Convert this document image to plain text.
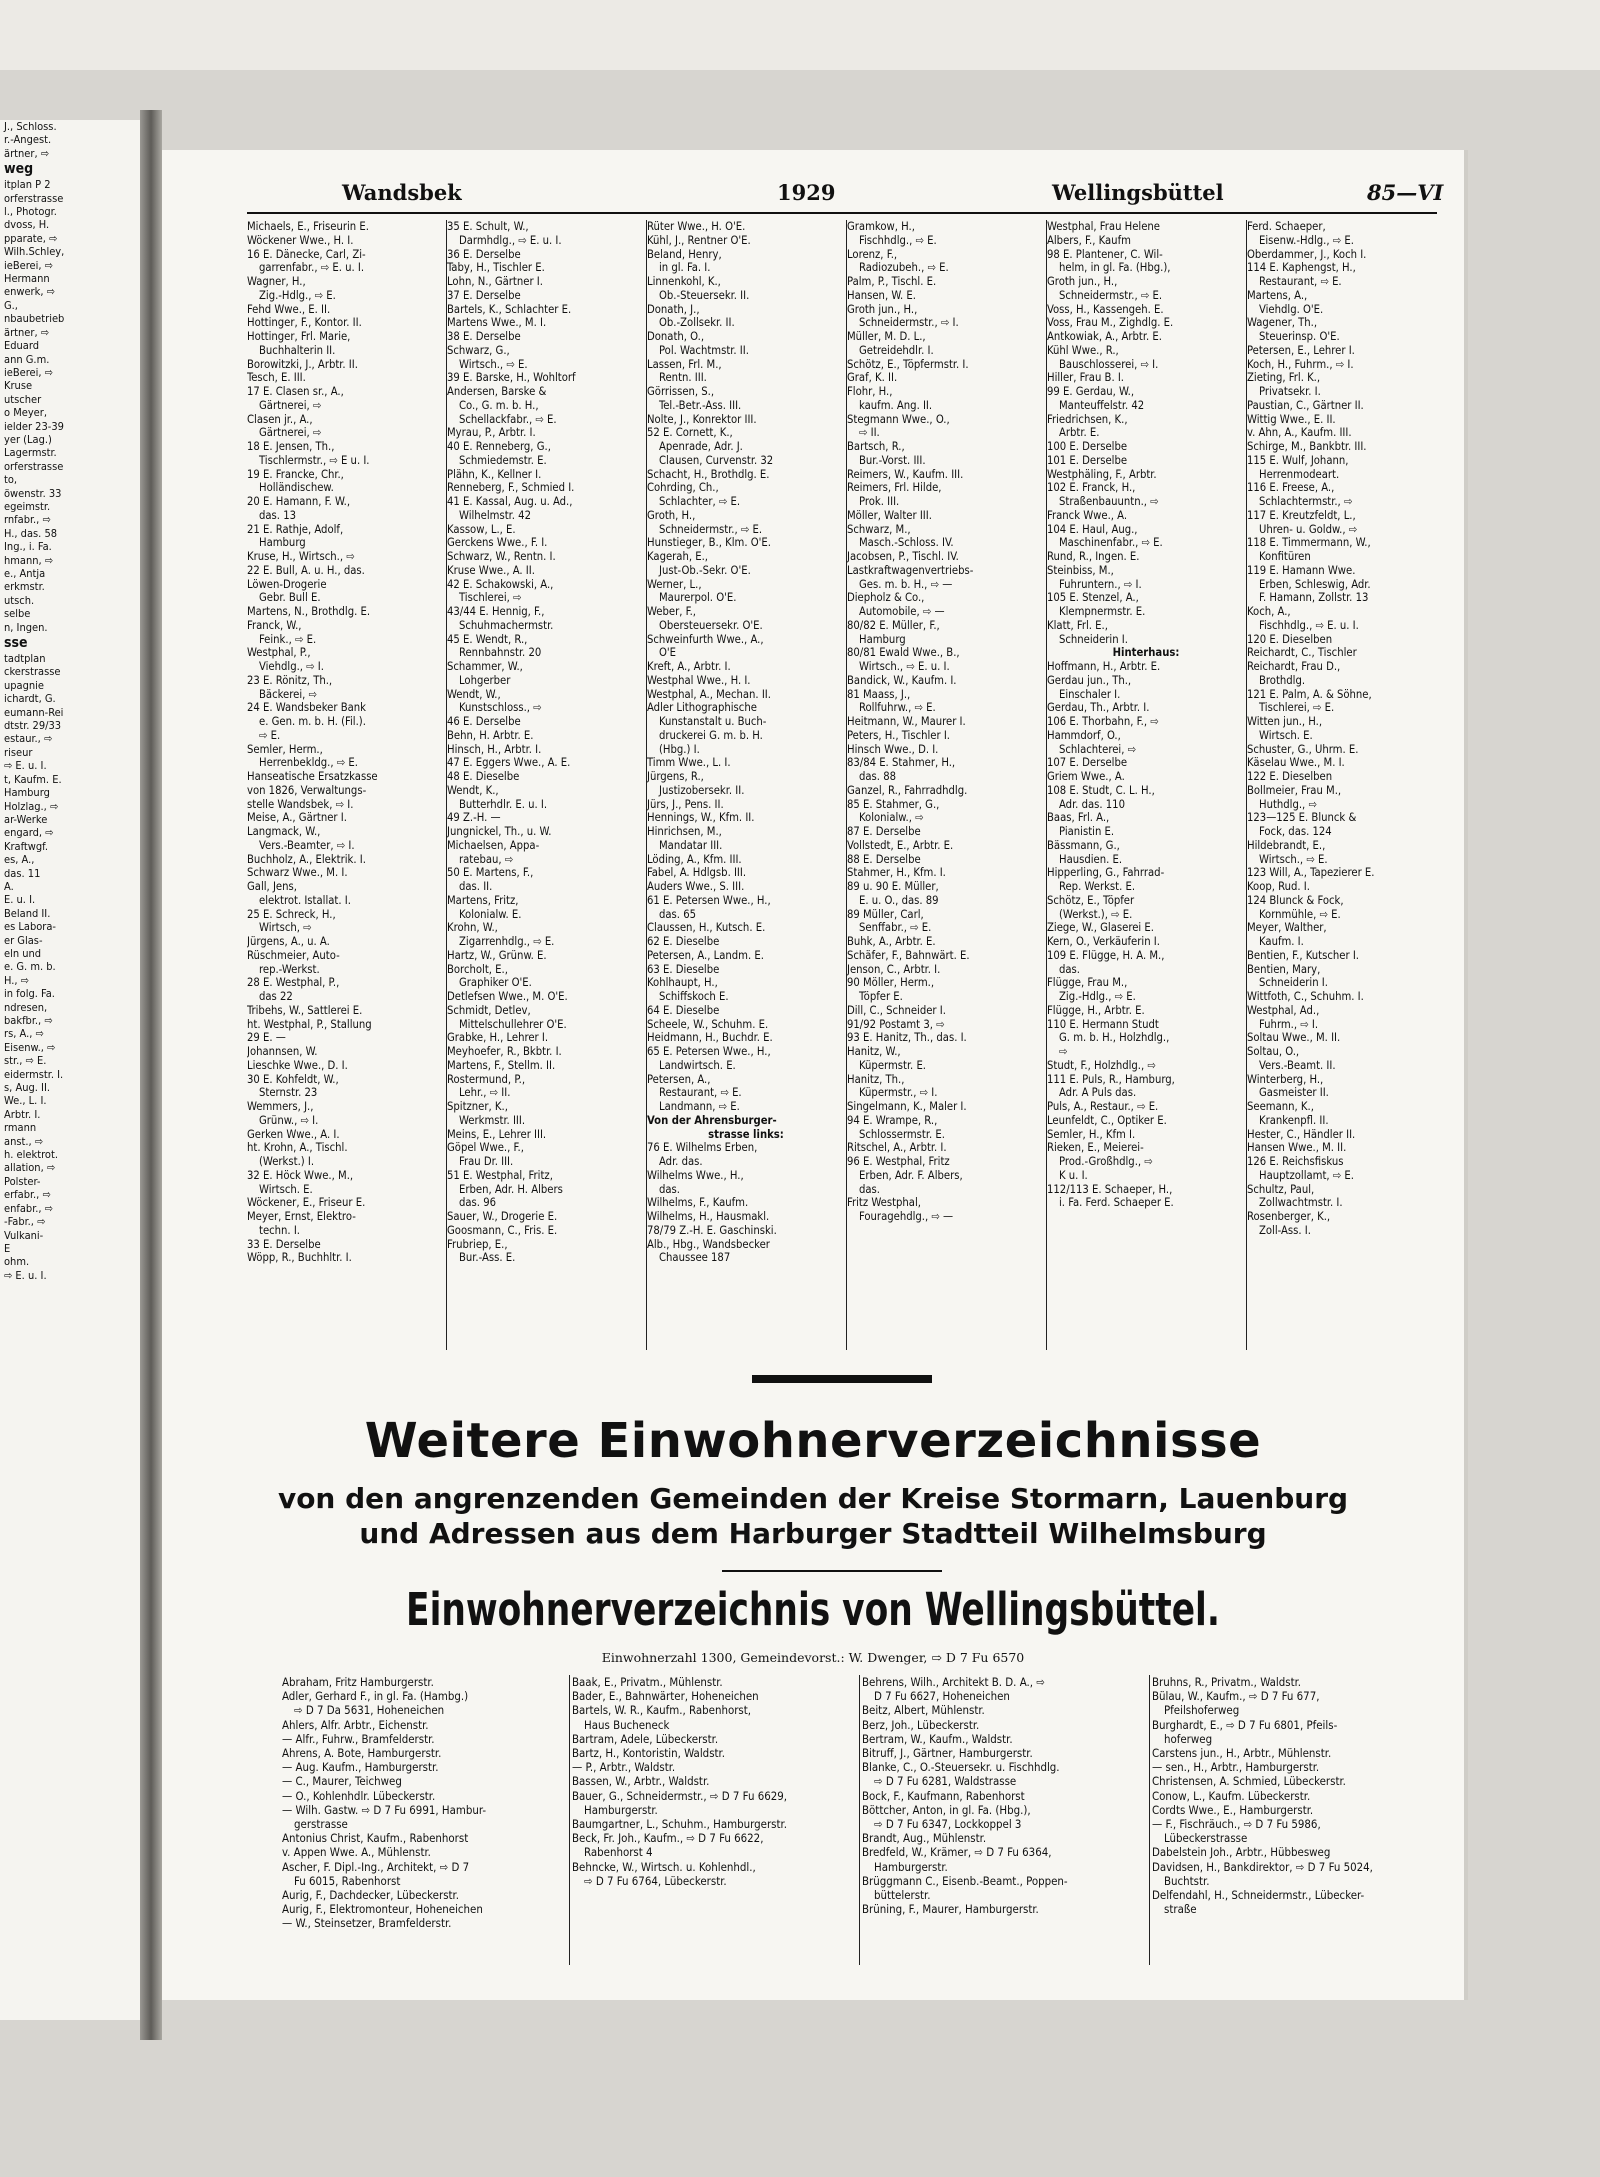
J., Schloss.
r.-Angest.
ärtner, ⇨
weg
itplan P 2
orferstrasse
l., Photogr.
dvoss, H.
pparate, ⇨
Wilh.Schley,
ieBerei, ⇨
Hermann
enwerk, ⇨
G.,
nbaubetrieb
ärtner, ⇨
Eduard
ann G.m.
ieBerei, ⇨
Kruse
utscher
o Meyer,
ielder 23-39
yer (Lag.)
Lagermstr.
orferstrasse
to,
öwenstr. 33
egeimstr.
rnfabr., ⇨
H., das. 58
Ing., i. Fa.
hmann, ⇨
e., Antja
erkmstr.
utsch.
selbe
n, Ingen.
sse
tadtplan
ckerstrasse
upagnie
ichardt, G.
eumann-Rei
dtstr. 29/33
estaur., ⇨
riseur
⇨ E. u. I.
t, Kaufm. E.
Hamburg
Holzlag., ⇨
ar-Werke
engard, ⇨
Kraftwgf.
es, A.,
das. 11
A.
E. u. I.
Beland II.
es Labora-
er Glas-
eln und
e. G. m. b.
H., ⇨
in folg. Fa.
ndresen,
bakfbr., ⇨
rs, A., ⇨
Eisenw., ⇨
str., ⇨ E.
eidermstr. I.
s, Aug. II.
We., L. I.
Arbtr. I.
rmann
anst., ⇨
h. elektrot.
allation, ⇨
Polster-
erfabr., ⇨
enfabr., ⇨
-Fabr., ⇨
Vulkani-
E
ohm.
⇨ E. u. I.
Wandsbek	1929	Wellingsbüttel	85—VI
Michaels, E., Friseurin E.
Wöckener Wwe., H. I.
16 E. Dänecke, Carl, Zi-
garrenfabr., ⇨ E. u. I.
Wagner, H.,
Zig.-Hdlg., ⇨ E.
Fehd Wwe., E. II.
Hottinger, F., Kontor. II.
Hottinger, Frl. Marie,
Buchhalterin II.
Borowitzki, J., Arbtr. II.
Tesch, E. III.
17 E. Clasen sr., A.,
Gärtnerei, ⇨
Clasen jr., A.,
Gärtnerei, ⇨
18 E. Jensen, Th.,
Tischlermstr., ⇨ E u. I.
19 E. Francke, Chr.,
Holländischew.
20 E. Hamann, F. W.,
das. 13
21 E. Rathje, Adolf,
Hamburg
Kruse, H., Wirtsch., ⇨
22 E. Bull, A. u. H., das.
Löwen-Drogerie
Gebr. Bull E.
Martens, N., Brothdlg. E.
Franck, W.,
Feink., ⇨ E.
Westphal, P.,
Viehdlg., ⇨ I.
23 E. Rönitz, Th.,
Bäckerei, ⇨
24 E. Wandsbeker Bank
e. Gen. m. b. H. (Fil.).
⇨ E.
Semler, Herm.,
Herrenbekldg., ⇨ E.
Hanseatische Ersatzkasse
von 1826, Verwaltungs-
stelle Wandsbek, ⇨ I.
Meise, A., Gärtner I.
Langmack, W.,
Vers.-Beamter, ⇨ I.
Buchholz, A., Elektrik. I.
Schwarz Wwe., M. I.
Gall, Jens,
elektrot. Istallat. I.
25 E. Schreck, H.,
Wirtsch, ⇨
Jürgens, A., u. A.
Rüschmeier, Auto-
rep.-Werkst.
28 E. Westphal, P.,
das 22
Tribehs, W., Sattlerei E.
ht. Westphal, P., Stallung
29 E. —
Johannsen, W.
Lieschke Wwe., D. I.
30 E. Kohfeldt, W.,
Sternstr. 23
Wemmers, J.,
Grünw., ⇨ I.
Gerken Wwe., A. I.
ht. Krohn, A., Tischl.
(Werkst.) I.
32 E. Höck Wwe., M.,
Wirtsch. E.
Wöckener, E., Friseur E.
Meyer, Ernst, Elektro-
techn. I.
33 E. Derselbe
Wöpp, R., Buchhltr. I.
35 E. Schult, W.,
Darmhdlg., ⇨ E. u. I.
36 E. Derselbe
Taby, H., Tischler E.
Lohn, N., Gärtner I.
37 E. Derselbe
Bartels, K., Schlachter E.
Martens Wwe., M. I.
38 E. Derselbe
Schwarz, G.,
Wirtsch., ⇨ E.
39 E. Barske, H., Wohltorf
Andersen, Barske &
Co., G. m. b. H.,
Schellackfabr., ⇨ E.
Myrau, P., Arbtr. I.
40 E. Renneberg, G.,
Schmiedemstr. E.
Plähn, K., Kellner I.
Renneberg, F., Schmied I.
41 E. Kassal, Aug. u. Ad.,
Wilhelmstr. 42
Kassow, L., E.
Gerckens Wwe., F. I.
Schwarz, W., Rentn. I.
Kruse Wwe., A. II.
42 E. Schakowski, A.,
Tischlerei, ⇨
43/44 E. Hennig, F.,
Schuhmachermstr.
45 E. Wendt, R.,
Rennbahnstr. 20
Schammer, W.,
Lohgerber
Wendt, W.,
Kunstschloss., ⇨
46 E. Derselbe
Behn, H. Arbtr. E.
Hinsch, H., Arbtr. I.
47 E. Eggers Wwe., A. E.
48 E. Dieselbe
Wendt, K.,
Butterhdlr. E. u. I.
49 Z.-H. —
Jungnickel, Th., u. W.
Michaelsen, Appa-
ratebau, ⇨
50 E. Martens, F.,
das. II.
Martens, Fritz,
Kolonialw. E.
Krohn, W.,
Zigarrenhdlg., ⇨ E.
Hartz, W., Grünw. E.
Borcholt, E.,
Graphiker O'E.
Detlefsen Wwe., M. O'E.
Schmidt, Detlev,
Mittelschullehrer O'E.
Grabke, H., Lehrer I.
Meyhoefer, R., Bkbtr. I.
Martens, F., Stellm. II.
Rostermund, P.,
Lehr., ⇨ II.
Spitzner, K.,
Werkmstr. III.
Meins, E., Lehrer III.
Göpel Wwe., F.,
Frau Dr. III.
51 E. Westphal, Fritz,
Erben, Adr. H. Albers
das. 96
Sauer, W., Drogerie E.
Goosmann, C., Fris. E.
Frubriep, E.,
Bur.-Ass. E.
Rüter Wwe., H. O'E.
Kühl, J., Rentner O'E.
Beland, Henry,
in gl. Fa. I.
Linnenkohl, K.,
Ob.-Steuersekr. II.
Donath, J.,
Ob.-Zollsekr. II.
Donath, O.,
Pol. Wachtmstr. II.
Lassen, Frl. M.,
Rentn. III.
Görrissen, S.,
Tel.-Betr.-Ass. III.
Nolte, J., Konrektor III.
52 E. Cornett, K.,
Apenrade, Adr. J.
Clausen, Curvenstr. 32
Schacht, H., Brothdlg. E.
Cohrding, Ch.,
Schlachter, ⇨ E.
Groth, H.,
Schneidermstr., ⇨ E.
Hunstieger, B., Klm. O'E.
Kagerah, E.,
Just-Ob.-Sekr. O'E.
Werner, L.,
Maurerpol. O'E.
Weber, F.,
Obersteuersekr. O'E.
Schweinfurth Wwe., A.,
O'E
Kreft, A., Arbtr. I.
Westphal Wwe., H. I.
Westphal, A., Mechan. II.
Adler Lithographische
Kunstanstalt u. Buch-
druckerei G. m. b. H.
(Hbg.) I.
Timm Wwe., L. I.
Jürgens, R.,
Justizobersekr. II.
Jürs, J., Pens. II.
Hennings, W., Kfm. II.
Hinrichsen, M.,
Mandatar III.
Löding, A., Kfm. III.
Fabel, A. Hdlgsb. III.
Auders Wwe., S. III.
61 E. Petersen Wwe., H.,
das. 65
Claussen, H., Kutsch. E.
62 E. Dieselbe
Petersen, A., Landm. E.
63 E. Dieselbe
Kohlhaupt, H.,
Schiffskoch E.
64 E. Dieselbe
Scheele, W., Schuhm. E.
Heidmann, H., Buchdr. E.
65 E. Petersen Wwe., H.,
Landwirtsch. E.
Petersen, A.,
Restaurant, ⇨ E.
Landmann, ⇨ E.
Von der Ahrensburger-
strasse links:
76 E. Wilhelms Erben,
Adr. das.
Wilhelms Wwe., H.,
das.
Wilhelms, F., Kaufm.
Wilhelms, H., Hausmakl.
78/79 Z.-H. E. Gaschinski.
Alb., Hbg., Wandsbecker
Chaussee 187
Gramkow, H.,
Fischhdlg., ⇨ E.
Lorenz, F.,
Radiozubeh., ⇨ E.
Palm, P., Tischl. E.
Hansen, W. E.
Groth jun., H.,
Schneidermstr., ⇨ I.
Müller, M. D. L.,
Getreidehdlr. I.
Schötz, E., Töpfermstr. I.
Graf, K. II.
Flohr, H.,
kaufm. Ang. II.
Stegmann Wwe., O.,
⇨ II.
Bartsch, R.,
Bur.-Vorst. III.
Reimers, W., Kaufm. III.
Reimers, Frl. Hilde,
Prok. III.
Möller, Walter III.
Schwarz, M.,
Masch.-Schloss. IV.
Jacobsen, P., Tischl. IV.
Lastkraftwagenvertriebs-
Ges. m. b. H., ⇨ —
Diepholz & Co.,
Automobile, ⇨ —
80/82 E. Müller, F.,
Hamburg
80/81 Ewald Wwe., B.,
Wirtsch., ⇨ E. u. I.
Bandick, W., Kaufm. I.
81 Maass, J.,
Rollfuhrw., ⇨ E.
Heitmann, W., Maurer I.
Peters, H., Tischler I.
Hinsch Wwe., D. I.
83/84 E. Stahmer, H.,
das. 88
Ganzel, R., Fahrradhdlg.
85 E. Stahmer, G.,
Kolonialw., ⇨
87 E. Derselbe
Vollstedt, E., Arbtr. E.
88 E. Derselbe
Stahmer, H., Kfm. I.
89 u. 90 E. Müller,
E. u. O., das. 89
89 Müller, Carl,
Senffabr., ⇨ E.
Buhk, A., Arbtr. E.
Schäfer, F., Bahnwärt. E.
Jenson, C., Arbtr. I.
90 Möller, Herm.,
Töpfer E.
Dill, C., Schneider I.
91/92 Postamt 3, ⇨
93 E. Hanitz, Th., das. I.
Hanitz, W.,
Küpermstr. E.
Hanitz, Th.,
Küpermstr., ⇨ I.
Singelmann, K., Maler I.
94 E. Wrampe, R.,
Schlossermstr. E.
Ritschel, A., Arbtr. I.
96 E. Westphal, Fritz
Erben, Adr. F. Albers,
das.
Fritz Westphal,
Fouragehdlg., ⇨ —
Westphal, Frau Helene
Albers, F., Kaufm
98 E. Plantener, C. Wil-
helm, in gl. Fa. (Hbg.),
Groth jun., H.,
Schneidermstr., ⇨ E.
Voss, H., Kassengeh. E.
Voss, Frau M., Zighdlg. E.
Antkowiak, A., Arbtr. E.
Kühl Wwe., R.,
Bauschlosserei, ⇨ I.
Hiller, Frau B. I.
99 E. Gerdau, W.,
Manteuffelstr. 42
Friedrichsen, K.,
Arbtr. E.
100 E. Derselbe
101 E. Derselbe
Westphäling, F., Arbtr.
102 E. Franck, H.,
Straßenbauuntn., ⇨
Franck Wwe., A.
104 E. Haul, Aug.,
Maschinenfabr., ⇨ E.
Rund, R., Ingen. E.
Steinbiss, M.,
Fuhruntern., ⇨ I.
105 E. Stenzel, A.,
Klempnermstr. E.
Klatt, Frl. E.,
Schneiderin I.
Hinterhaus:
Hoffmann, H., Arbtr. E.
Gerdau jun., Th.,
Einschaler I.
Gerdau, Th., Arbtr. I.
106 E. Thorbahn, F., ⇨
Hammdorf, O.,
Schlachterei, ⇨
107 E. Derselbe
Griem Wwe., A.
108 E. Studt, C. L. H.,
Adr. das. 110
Baas, Frl. A.,
Pianistin E.
Bässmann, G.,
Hausdien. E.
Hipperling, G., Fahrrad-
Rep. Werkst. E.
Schötz, E., Töpfer
(Werkst.), ⇨ E.
Ziege, W., Glaserei E.
Kern, O., Verkäuferin I.
109 E. Flügge, H. A. M.,
das.
Flügge, Frau M.,
Zig.-Hdlg., ⇨ E.
Flügge, H., Arbtr. E.
110 E. Hermann Studt
G. m. b. H., Holzhdlg.,
⇨
Studt, F., Holzhdlg., ⇨
111 E. Puls, R., Hamburg,
Adr. A Puls das.
Puls, A., Restaur., ⇨ E.
Leunfeldt, C., Optiker E.
Semler, H., Kfm I.
Rieken, E., Meierei-
Prod.-Großhdlg., ⇨
K u. I.
112/113 E. Schaeper, H.,
i. Fa. Ferd. Schaeper E.
Ferd. Schaeper,
Eisenw.-Hdlg., ⇨ E.
Oberdammer, J., Koch I.
114 E. Kaphengst, H.,
Restaurant, ⇨ E.
Martens, A.,
Viehdlg. O'E.
Wagener, Th.,
Steuerinsp. O'E.
Petersen, E., Lehrer I.
Koch, H., Fuhrm., ⇨ I.
Zieting, Frl. K.,
Privatsekr. I.
Paustian, C., Gärtner II.
Wittig Wwe., E. II.
v. Ahn, A., Kaufm. III.
Schirge, M., Bankbtr. III.
115 E. Wulf, Johann,
Herrenmodeart.
116 E. Freese, A.,
Schlachtermstr., ⇨
117 E. Kreutzfeldt, L.,
Uhren- u. Goldw., ⇨
118 E. Timmermann, W.,
Konfitüren
119 E. Hamann Wwe.
Erben, Schleswig, Adr.
F. Hamann, Zollstr. 13
Koch, A.,
Fischhdlg., ⇨ E. u. I.
120 E. Dieselben
Reichardt, C., Tischler
Reichardt, Frau D.,
Brothdlg.
121 E. Palm, A. & Söhne,
Tischlerei, ⇨ E.
Witten jun., H.,
Wirtsch. E.
Schuster, G., Uhrm. E.
Käselau Wwe., M. I.
122 E. Dieselben
Bollmeier, Frau M.,
Huthdlg., ⇨
123—125 E. Blunck &
Fock, das. 124
Hildebrandt, E.,
Wirtsch., ⇨ E.
123 Will, A., Tapezierer E.
Koop, Rud. I.
124 Blunck & Fock,
Kornmühle, ⇨ E.
Meyer, Walther,
Kaufm. I.
Bentien, F., Kutscher I.
Bentien, Mary,
Schneiderin I.
Wittfoth, C., Schuhm. I.
Westphal, Ad.,
Fuhrm., ⇨ I.
Soltau Wwe., M. II.
Soltau, O.,
Vers.-Beamt. II.
Winterberg, H.,
Gasmeister II.
Seemann, K.,
Krankenpfl. II.
Hester, C., Händler II.
Hansen Wwe., M. II.
126 E. Reichsfiskus
Hauptzollamt, ⇨ E.
Schultz, Paul,
Zollwachtmstr. I.
Rosenberger, K.,
Zoll-Ass. I.
Weitere Einwohnerverzeichnisse
von den angrenzenden Gemeinden der Kreise Stormarn, Lauenburg
und Adressen aus dem Harburger Stadtteil Wilhelmsburg
Einwohnerverzeichnis von Wellingsbüttel.
Einwohnerzahl 1300, Gemeindevorst.: W. Dwenger, ⇨ D 7 Fu 6570
Abraham, Fritz Hamburgerstr.
Adler, Gerhard F., in gl. Fa. (Hambg.)
⇨ D 7 Da 5631, Hoheneichen
Ahlers, Alfr. Arbtr., Eichenstr.
— Alfr., Fuhrw., Bramfelderstr.
Ahrens, A. Bote, Hamburgerstr.
— Aug. Kaufm., Hamburgerstr.
— C., Maurer, Teichweg
— O., Kohlenhdlr. Lübeckerstr.
— Wilh. Gastw. ⇨ D 7 Fu 6991, Hambur-
gerstrasse
Antonius Christ, Kaufm., Rabenhorst
v. Appen Wwe. A., Mühlenstr.
Ascher, F. Dipl.-Ing., Architekt, ⇨ D 7
Fu 6015, Rabenhorst
Aurig, F., Dachdecker, Lübeckerstr.
Aurig, F., Elektromonteur, Hoheneichen
— W., Steinsetzer, Bramfelderstr.
Baak, E., Privatm., Mühlenstr.
Bader, E., Bahnwärter, Hoheneichen
Bartels, W. R., Kaufm., Rabenhorst,
Haus Bucheneck
Bartram, Adele, Lübeckerstr.
Bartz, H., Kontoristin, Waldstr.
— P., Arbtr., Waldstr.
Bassen, W., Arbtr., Waldstr.
Bauer, G., Schneidermstr., ⇨ D 7 Fu 6629,
Hamburgerstr.
Baumgartner, L., Schuhm., Hamburgerstr.
Beck, Fr. Joh., Kaufm., ⇨ D 7 Fu 6622,
Rabenhorst 4
Behncke, W., Wirtsch. u. Kohlenhdl.,
⇨ D 7 Fu 6764, Lübeckerstr.
Behrens, Wilh., Architekt B. D. A., ⇨
D 7 Fu 6627, Hoheneichen
Beitz, Albert, Mühlenstr.
Berz, Joh., Lübeckerstr.
Bertram, W., Kaufm., Waldstr.
Bitruff, J., Gärtner, Hamburgerstr.
Blanke, C., O.-Steuersekr. u. Fischhdlg.
⇨ D 7 Fu 6281, Waldstrasse
Bock, F., Kaufmann, Rabenhorst
Böttcher, Anton, in gl. Fa. (Hbg.),
⇨ D 7 Fu 6347, Lockkoppel 3
Brandt, Aug., Mühlenstr.
Bredfeld, W., Krämer, ⇨ D 7 Fu 6364,
Hamburgerstr.
Brüggmann C., Eisenb.-Beamt., Poppen-
büttelerstr.
Brüning, F., Maurer, Hamburgerstr.
Bruhns, R., Privatm., Waldstr.
Bülau, W., Kaufm., ⇨ D 7 Fu 677,
Pfeilshoferweg
Burghardt, E., ⇨ D 7 Fu 6801, Pfeils-
hoferweg
Carstens jun., H., Arbtr., Mühlenstr.
— sen., H., Arbtr., Hamburgerstr.
Christensen, A. Schmied, Lübeckerstr.
Conow, L., Kaufm. Lübeckerstr.
Cordts Wwe., E., Hamburgerstr.
— F., Fischräuch., ⇨ D 7 Fu 5986,
Lübeckerstrasse
Dabelstein Joh., Arbtr., Hübbesweg
Davidsen, H., Bankdirektor, ⇨ D 7 Fu 5024,
Buchtstr.
Delfendahl, H., Schneidermstr., Lübecker-
straße
